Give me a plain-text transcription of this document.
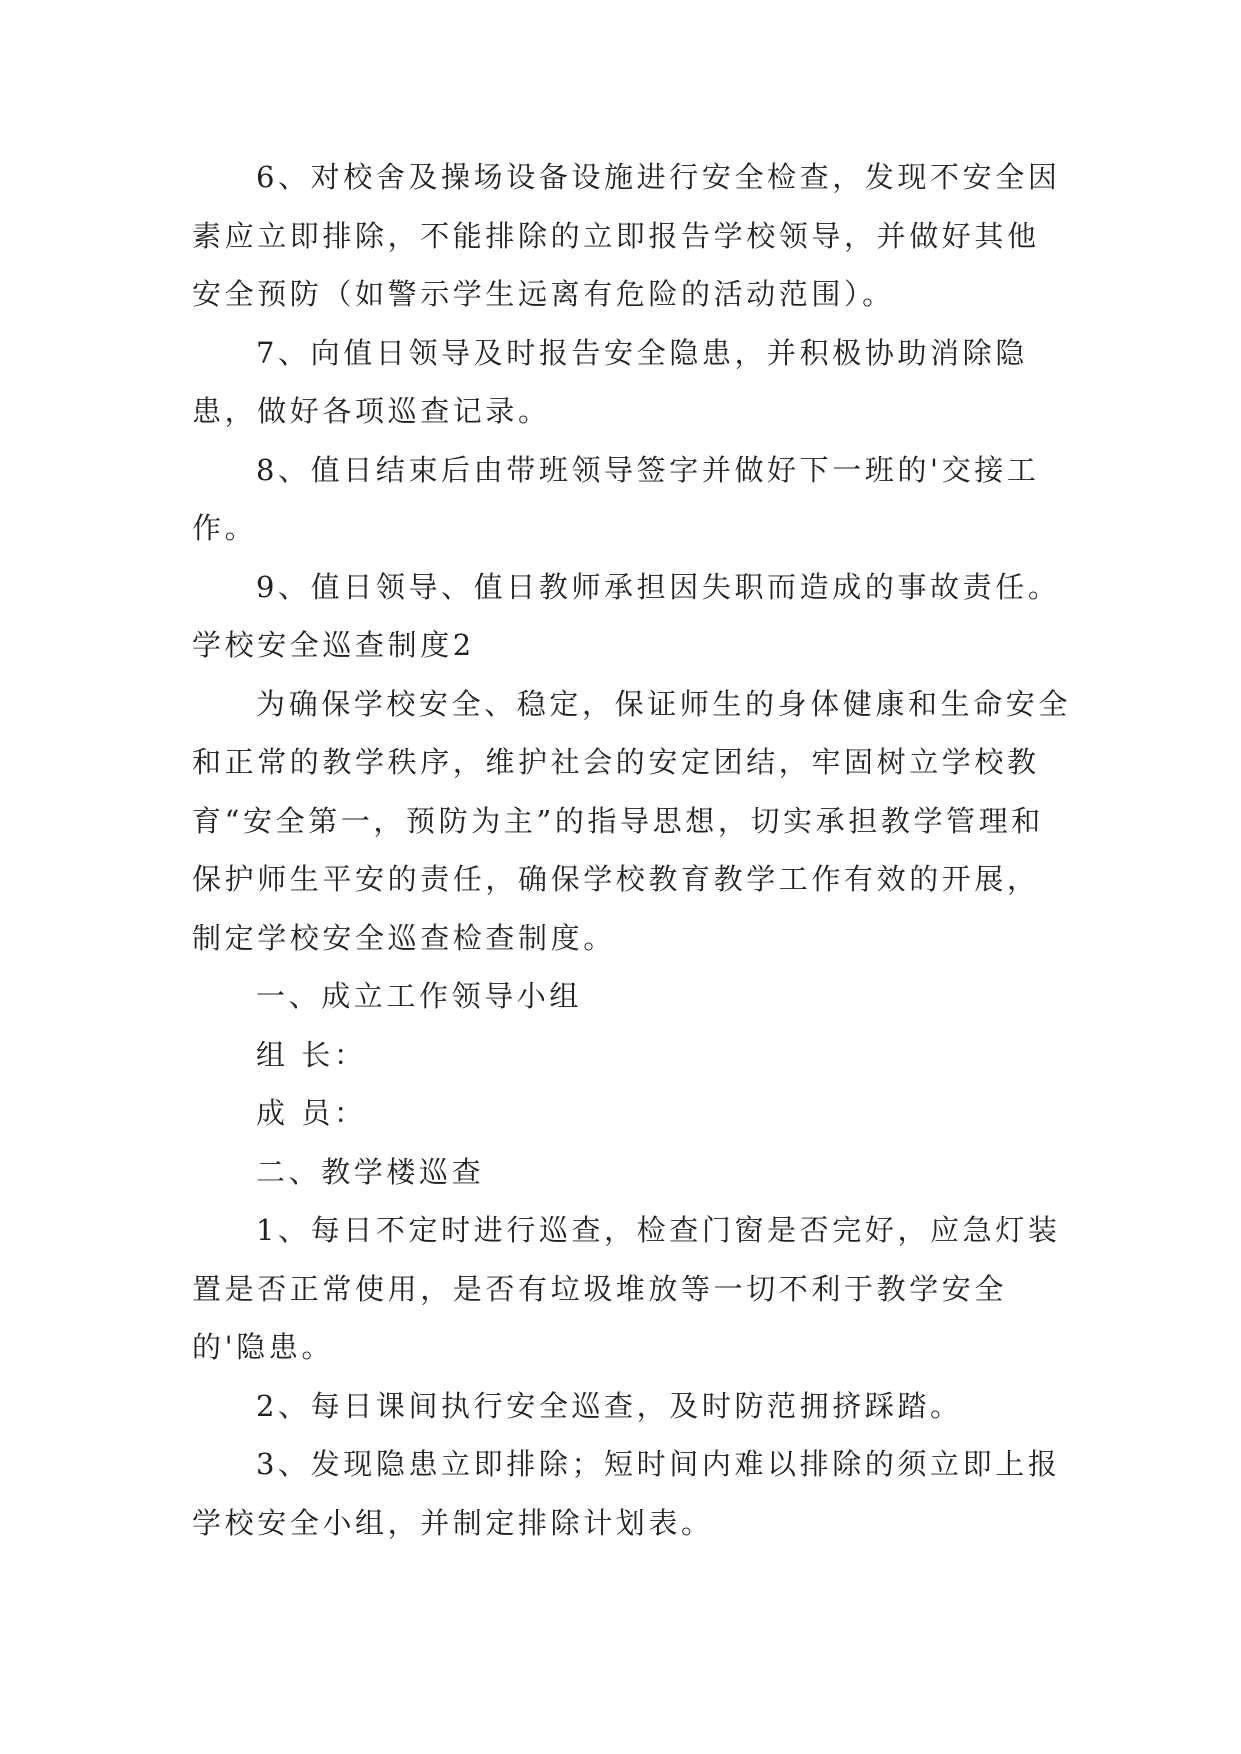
6、对校舍及操场设备设施进行安全检查，发现不安全因素应立即排除，不能排除的立即报告学校领导，并做好其他安全预防（如警示学生远离有危险的活动范围）。

7、向值日领导及时报告安全隐患，并积极协助消除隐患，做好各项巡查记录。

8、值日结束后由带班领导签字并做好下一班的'交接工作。

9、值日领导、值日教师承担因失职而造成的事故责任。

学校安全巡查制度2

为确保学校安全、稳定，保证师生的身体健康和生命安全和正常的教学秩序，维护社会的安定团结，牢固树立学校教育“安全第一，预防为主”的指导思想，切实承担教学管理和保护师生平安的责任，确保学校教育教学工作有效的开展，制定学校安全巡查检查制度。

一、成立工作领导小组

组 长：

成 员：

二、教学楼巡查

1、每日不定时进行巡查，检查门窗是否完好，应急灯装置是否正常使用，是否有垃圾堆放等一切不利于教学安全的'隐患。

2、每日课间执行安全巡查，及时防范拥挤踩踏。

3、发现隐患立即排除；短时间内难以排除的须立即上报学校安全小组，并制定排除计划表。
